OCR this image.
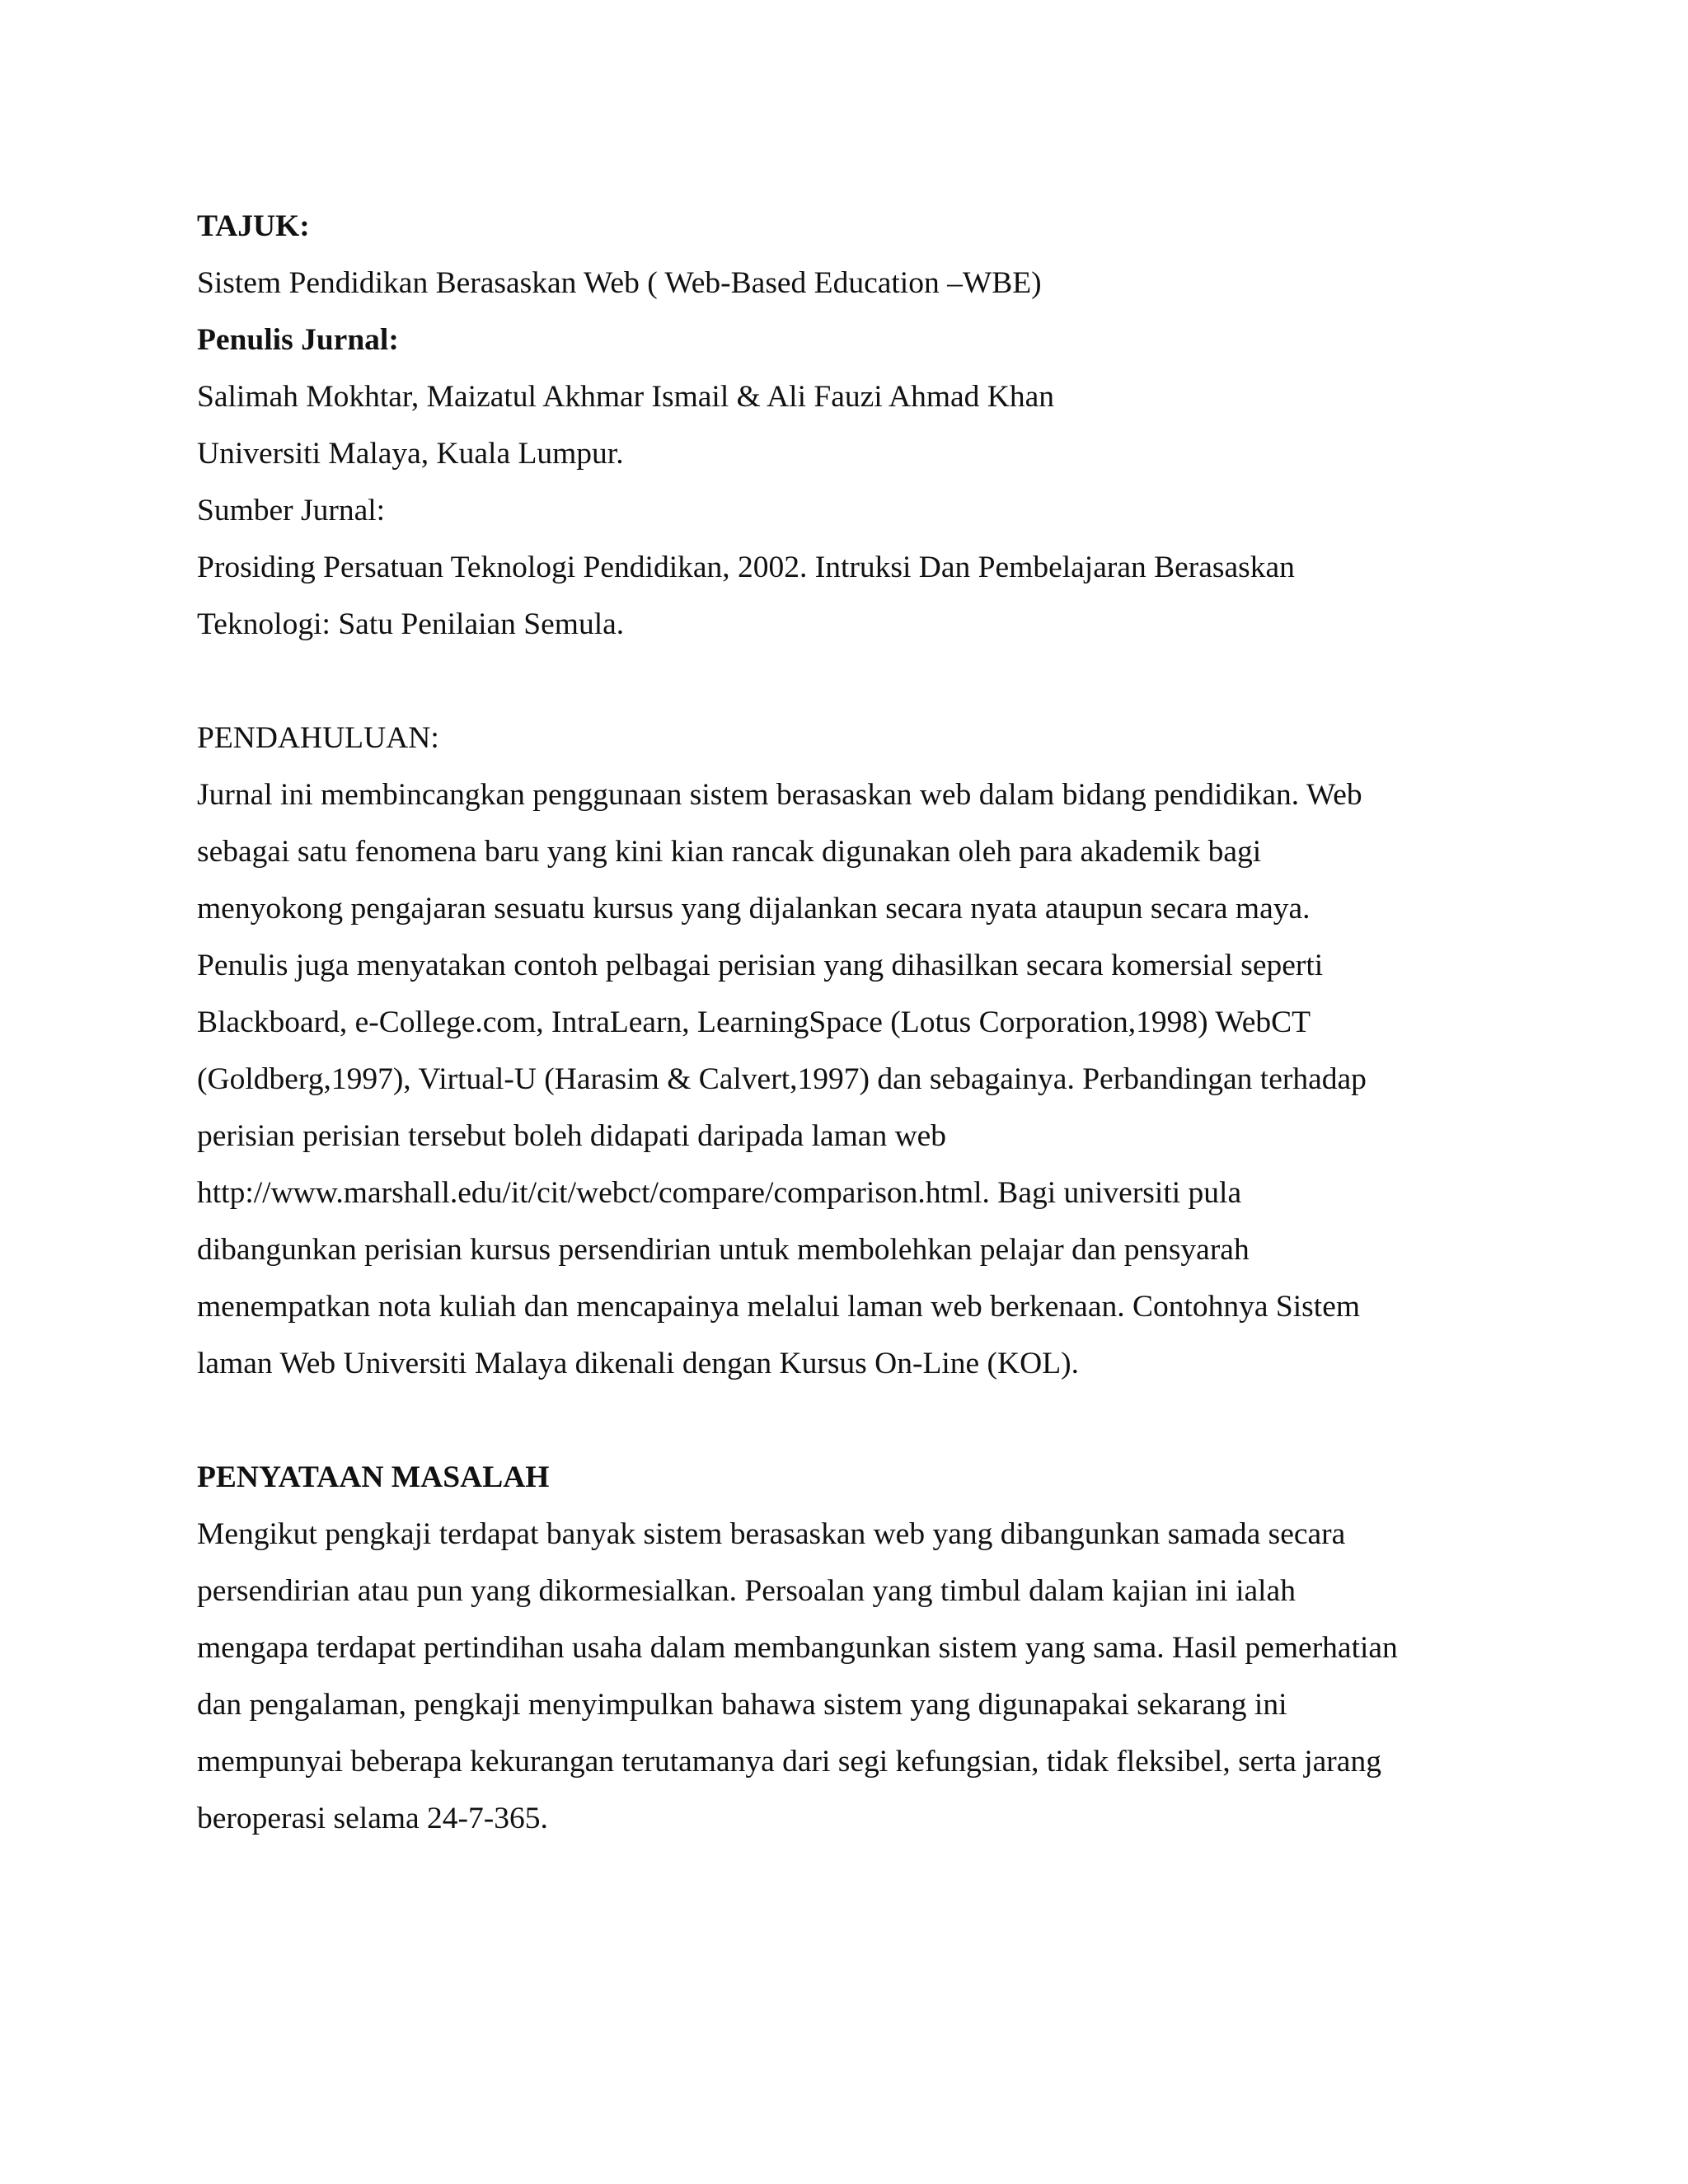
TAJUK:
Sistem Pendidikan Berasaskan Web ( Web-Based Education –WBE)
Penulis Jurnal:
Salimah Mokhtar, Maizatul Akhmar Ismail & Ali Fauzi Ahmad Khan
Universiti Malaya, Kuala Lumpur.
Sumber Jurnal:
Prosiding Persatuan Teknologi Pendidikan, 2002. Intruksi Dan Pembelajaran Berasaskan
Teknologi: Satu Penilaian Semula.
PENDAHULUAN:
Jurnal ini membincangkan penggunaan sistem berasaskan web dalam bidang pendidikan. Web
sebagai satu fenomena baru yang kini kian rancak digunakan oleh para akademik bagi
menyokong pengajaran sesuatu kursus yang dijalankan secara nyata ataupun secara maya.
Penulis juga menyatakan contoh pelbagai perisian yang dihasilkan secara komersial seperti
Blackboard, e-College.com, IntraLearn, LearningSpace (Lotus Corporation,1998) WebCT
(Goldberg,1997), Virtual-U (Harasim & Calvert,1997) dan sebagainya. Perbandingan terhadap
perisian perisian tersebut boleh didapati daripada laman web
http://www.marshall.edu/it/cit/webct/compare/comparison.html. Bagi universiti pula
dibangunkan perisian kursus persendirian untuk membolehkan pelajar dan pensyarah
menempatkan nota kuliah dan mencapainya melalui laman web berkenaan. Contohnya Sistem
laman Web Universiti Malaya dikenali dengan Kursus On-Line (KOL).
PENYATAAN MASALAH
Mengikut pengkaji terdapat banyak sistem berasaskan web yang dibangunkan samada secara
persendirian atau pun yang dikormesialkan. Persoalan yang timbul dalam kajian ini ialah
mengapa terdapat pertindihan usaha dalam membangunkan sistem yang sama. Hasil pemerhatian
dan pengalaman, pengkaji menyimpulkan bahawa sistem yang digunapakai sekarang ini
mempunyai beberapa kekurangan terutamanya dari segi kefungsian, tidak fleksibel, serta jarang
beroperasi selama 24-7-365.
